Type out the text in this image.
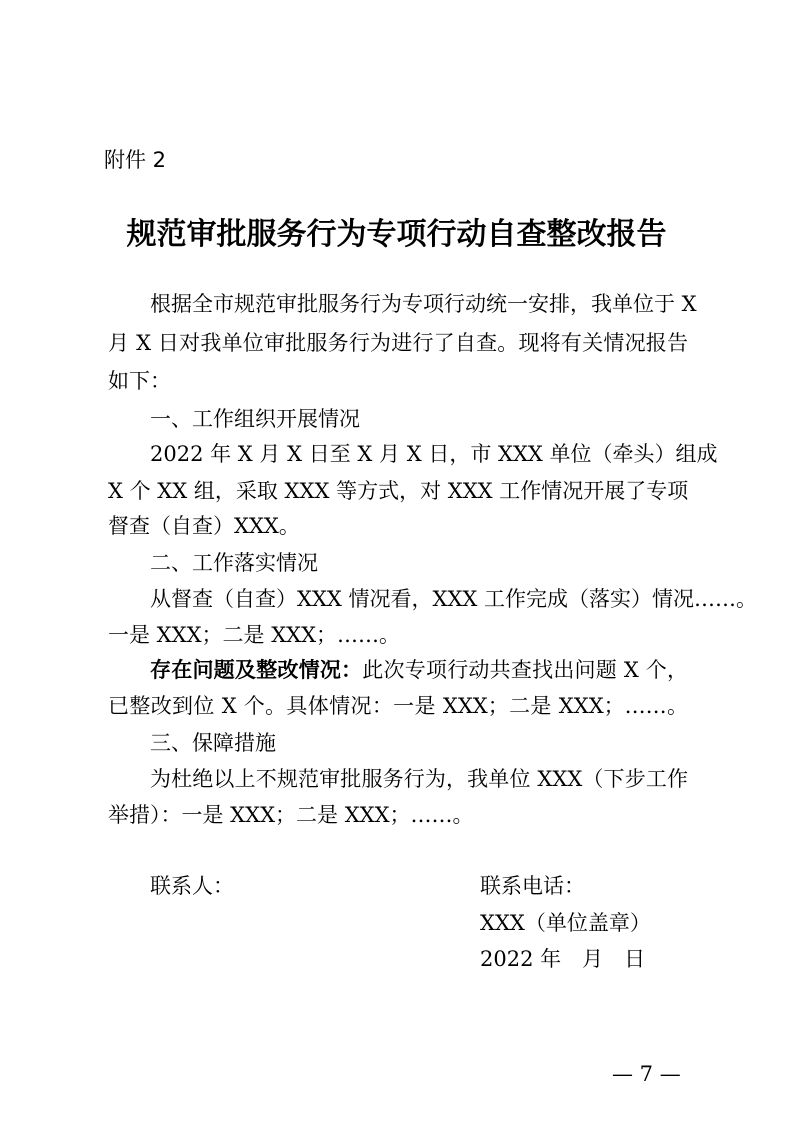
附件 2
规范审批服务行为专项行动自查整改报告
根据全市规范审批服务行为专项行动统一安排，我单位于 X
月 X 日对我单位审批服务行为进行了自查。现将有关情况报告
如下：
一、工作组织开展情况
2022 年 X 月 X 日至 X 月 X 日，市 XXX 单位（牵头）组成
X 个 XX 组，采取 XXX 等方式，对 XXX 工作情况开展了专项
督查（自查）XXX。
二、工作落实情况
从督查（自查）XXX 情况看，XXX 工作完成（落实）情况……。
一是 XXX；二是 XXX；……。
存在问题及整改情况：此次专项行动共查找出问题 X 个，
已整改到位 X 个。具体情况：一是 XXX；二是 XXX；……。
三、保障措施
为杜绝以上不规范审批服务行为，我单位 XXX（下步工作
举措）：一是 XXX；二是 XXX；……。
联系人：	联系电话：
XXX（单位盖章）
2022 年　月　日
— 7 —
